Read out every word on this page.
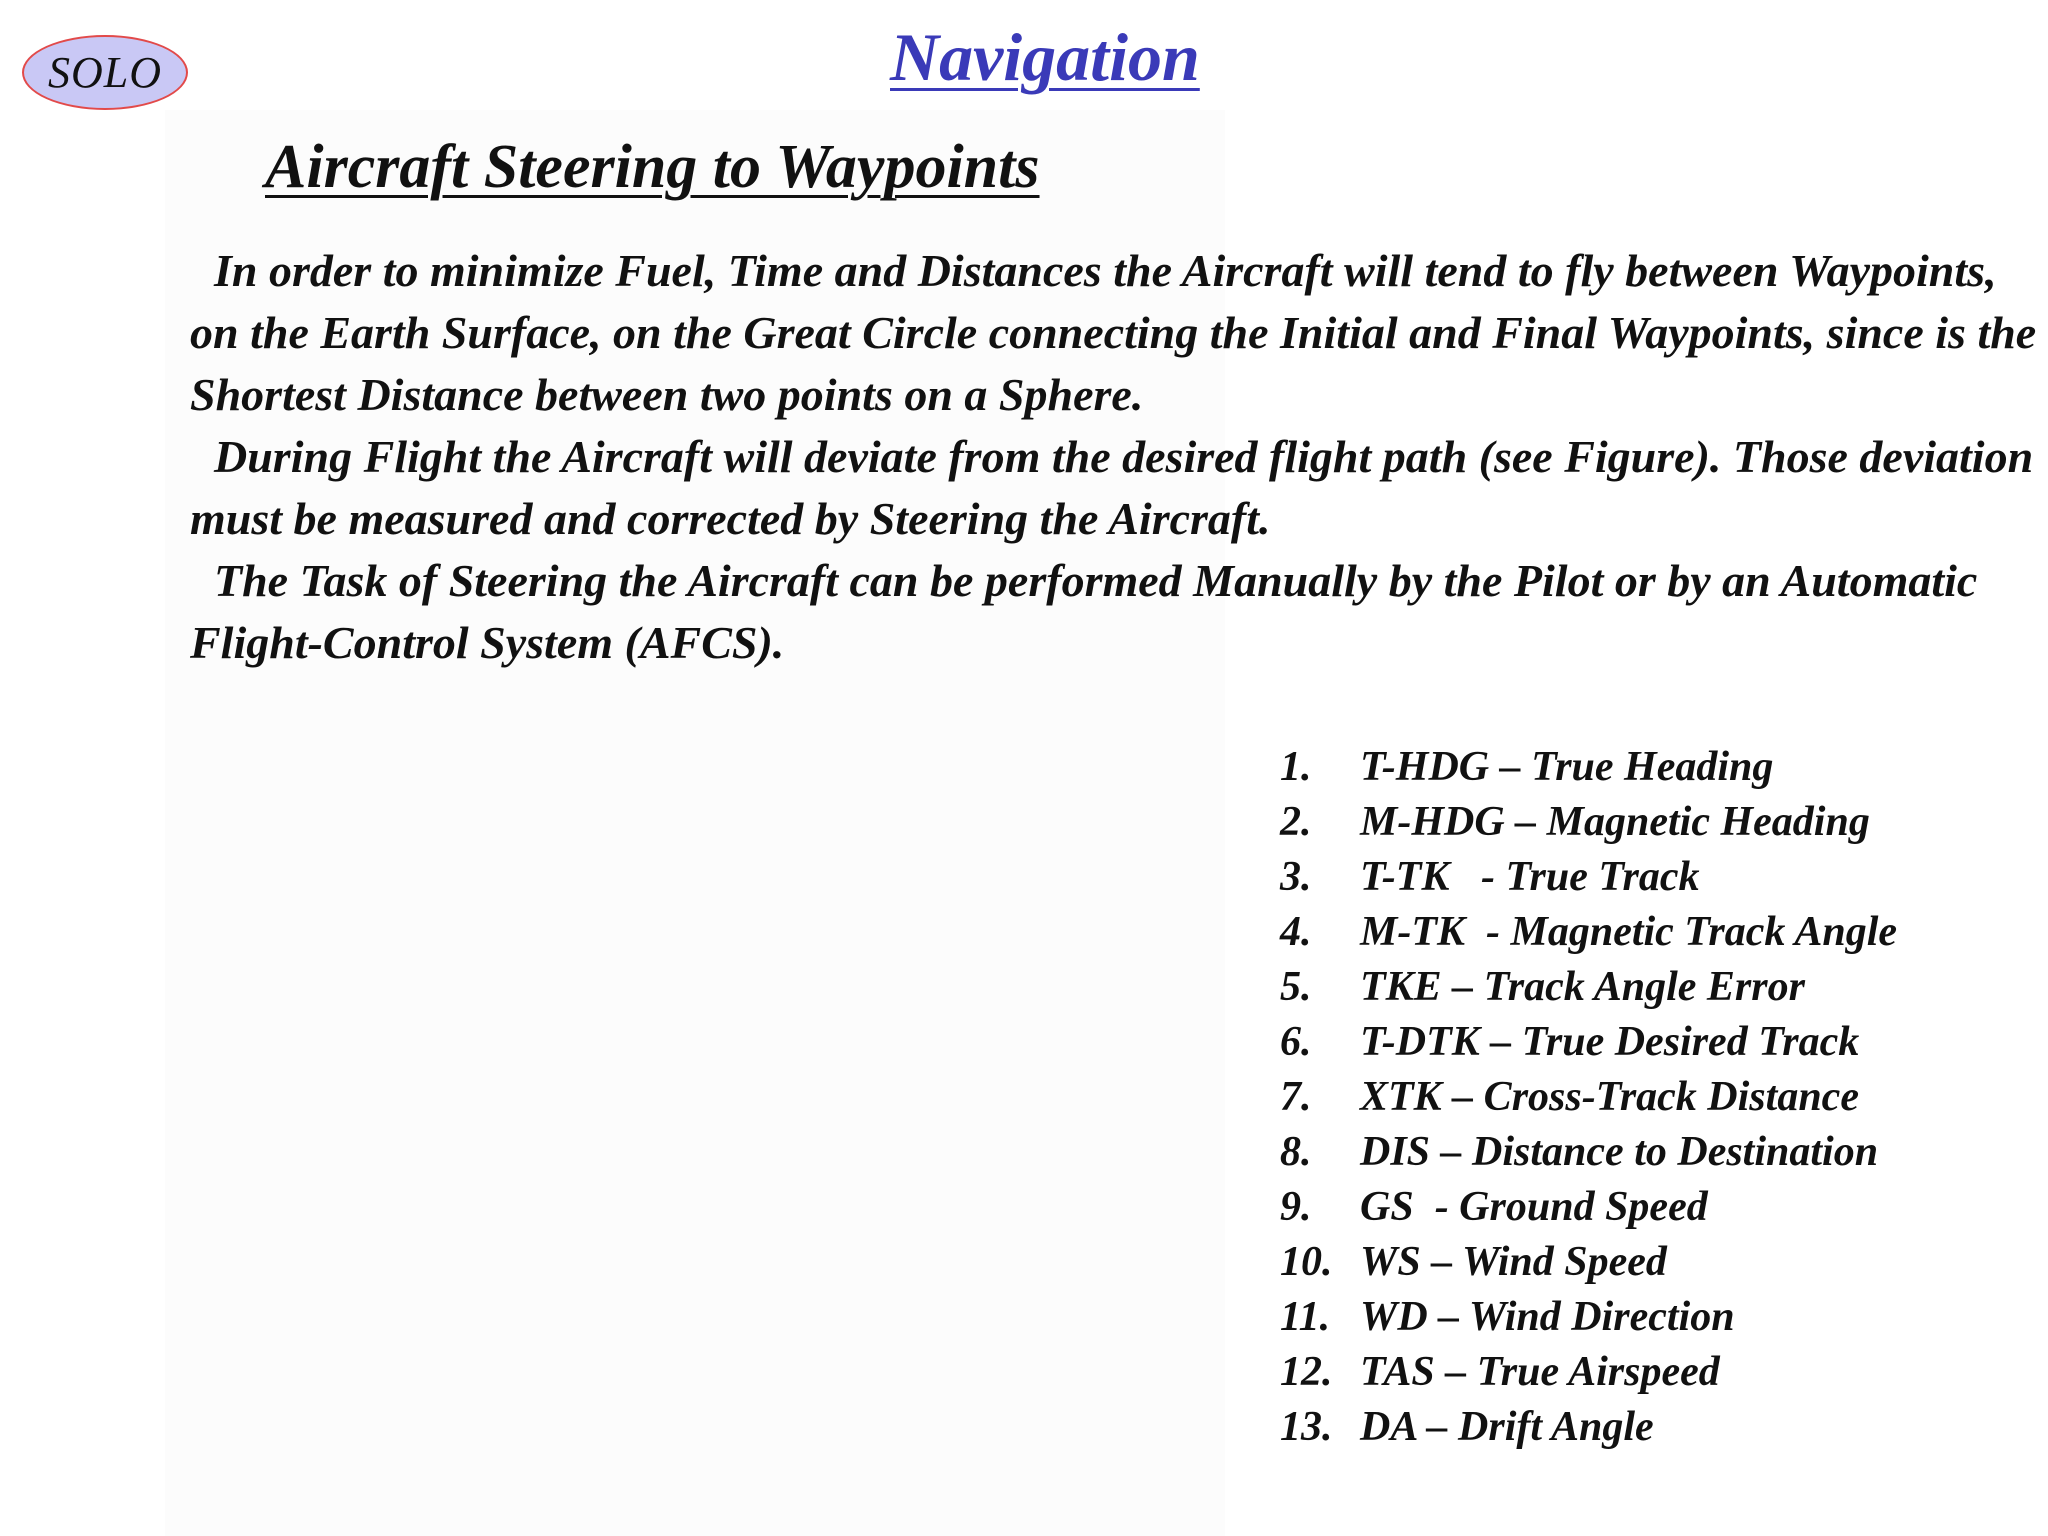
SOLO	Navigation
Aircraft Steering to Waypoints

In order to minimize Fuel, Time and Distances the Aircraft will tend to fly between Waypoints, on the Earth Surface, on the Great Circle connecting the Initial and Final Waypoints, since is the Shortest Distance between two points on a Sphere.

During Flight the Aircraft will deviate from the desired flight path (see Figure). Those deviation must be measured and corrected by Steering the Aircraft.

The Task of Steering the Aircraft can be performed Manually by the Pilot or by an Automatic Flight-Control System (AFCS).

1.	T-HDG – True Heading
2.	M-HDG – Magnetic Heading
3.	T-TK   - True Track
4.	M-TK  - Magnetic Track Angle
5.	TKE – Track Angle Error
6.	T-DTK – True Desired Track
7.	XTK – Cross-Track Distance
8.	DIS – Distance to Destination
9.	GS  - Ground Speed
10. WS – Wind Speed
11. WD – Wind Direction
12. TAS – True Airspeed
13. DA – Drift Angle
